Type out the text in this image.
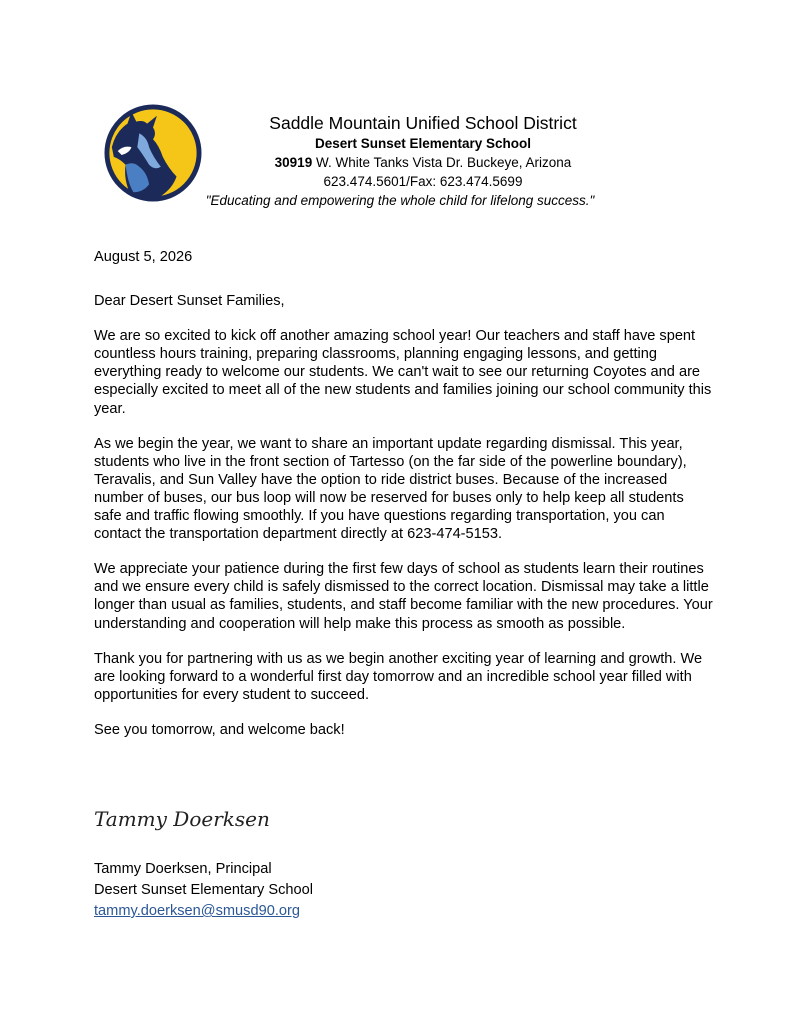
Saddle Mountain Unified School District
Desert Sunset Elementary School
30919 W. White Tanks Vista Dr. Buckeye, Arizona
623.474.5601/Fax: 623.474.5699
"Educating and empowering the whole child for lifelong success."

August 5, 2026

Dear Desert Sunset Families,

We are so excited to kick off another amazing school year! Our teachers and staff have spent countless hours training, preparing classrooms, planning engaging lessons, and getting everything ready to welcome our students. We can't wait to see our returning Coyotes and are especially excited to meet all of the new students and families joining our school community this year.

As we begin the year, we want to share an important update regarding dismissal. This year, students who live in the front section of Tartesso (on the far side of the powerline boundary), Teravalis, and Sun Valley have the option to ride district buses. Because of the increased number of buses, our bus loop will now be reserved for buses only to help keep all students safe and traffic flowing smoothly. If you have questions regarding transportation, you can contact the transportation department directly at 623-474-5153.

We appreciate your patience during the first few days of school as students learn their routines and we ensure every child is safely dismissed to the correct location. Dismissal may take a little longer than usual as families, students, and staff become familiar with the new procedures. Your understanding and cooperation will help make this process as smooth as possible.

Thank you for partnering with us as we begin another exciting year of learning and growth. We are looking forward to a wonderful first day tomorrow and an incredible school year filled with opportunities for every student to succeed.

See you tomorrow, and welcome back!

Tammy Doerksen
Tammy Doerksen, Principal
Desert Sunset Elementary School
tammy.doerksen@smusd90.org
